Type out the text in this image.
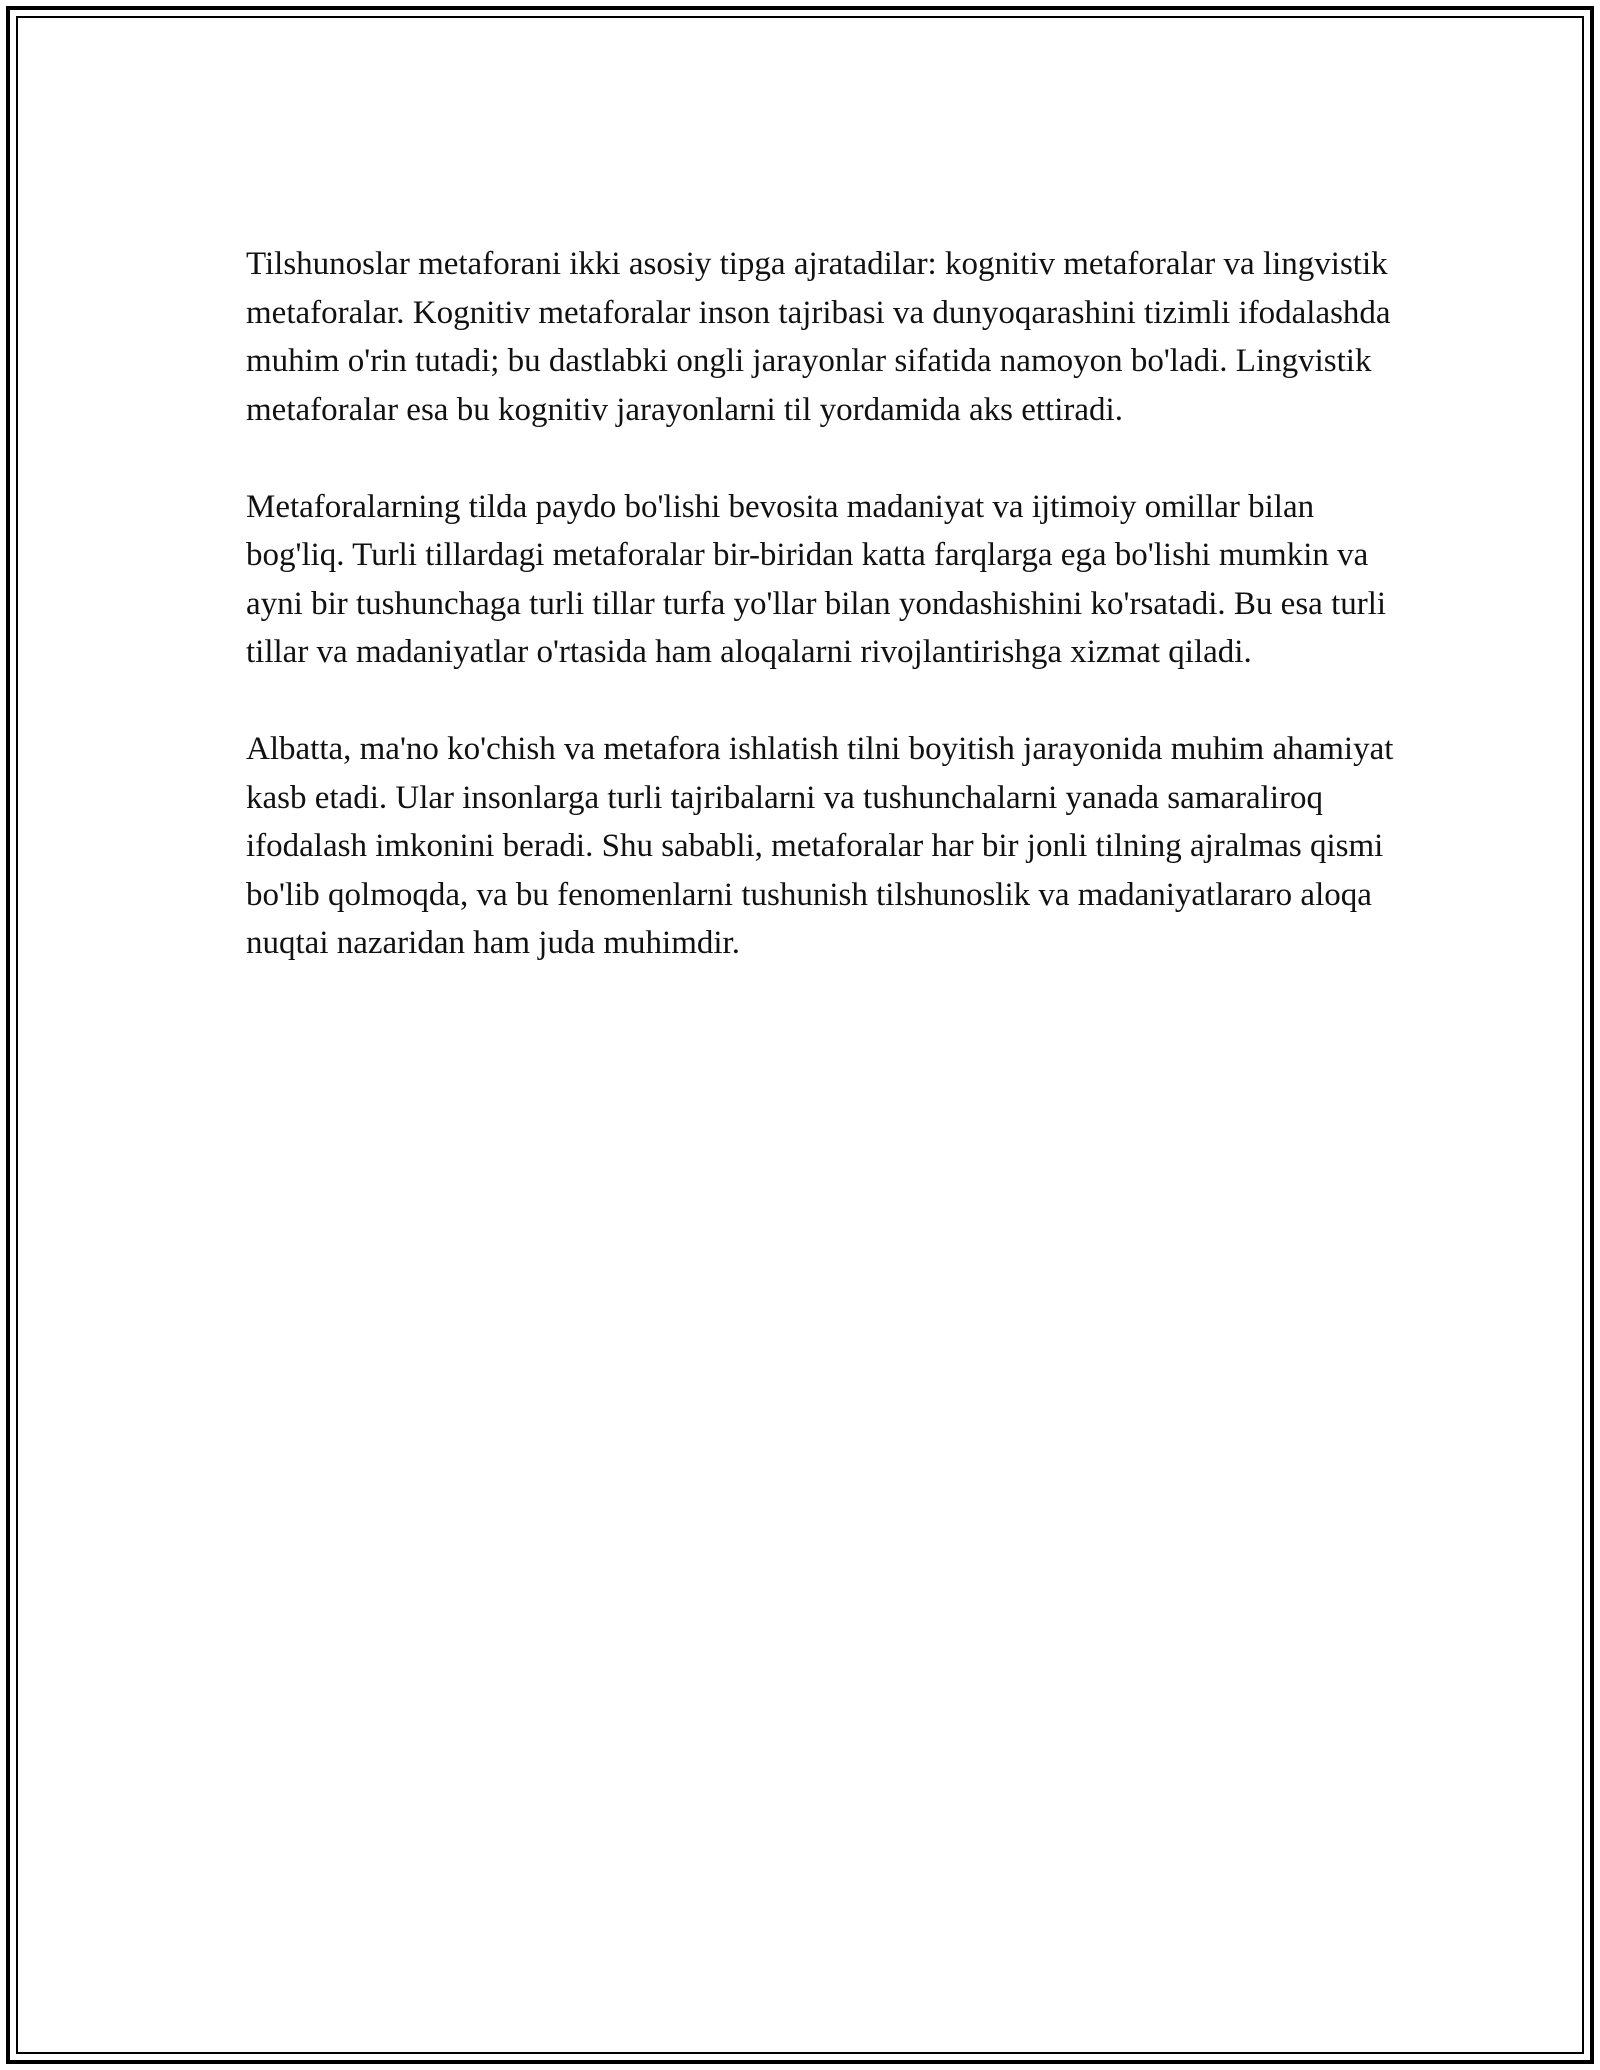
Tilshunoslar metaforani ikki asosiy tipga ajratadilar: kognitiv metaforalar va lingvistik metaforalar. Kognitiv metaforalar inson tajribasi va dunyoqarashini tizimli ifodalashda muhim o'rin tutadi; bu dastlabki ongli jarayonlar sifatida namoyon bo'ladi. Lingvistik metaforalar esa bu kognitiv jarayonlarni til yordamida aks ettiradi.

Metaforalarning tilda paydo bo'lishi bevosita madaniyat va ijtimoiy omillar bilan bog'liq. Turli tillardagi metaforalar bir-biridan katta farqlarga ega bo'lishi mumkin va ayni bir tushunchaga turli tillar turfa yo'llar bilan yondashishini ko'rsatadi. Bu esa turli tillar va madaniyatlar o'rtasida ham aloqalarni rivojlantirishga xizmat qiladi.

Albatta, ma'no ko'chish va metafora ishlatish tilni boyitish jarayonida muhim ahamiyat kasb etadi. Ular insonlarga turli tajribalarni va tushunchalarni yanada samaraliroq ifodalash imkonini beradi. Shu sababli, metaforalar har bir jonli tilning ajralmas qismi bo'lib qolmoqda, va bu fenomenlarni tushunish tilshunoslik va madaniyatlararo aloqa nuqtai nazaridan ham juda muhimdir.
